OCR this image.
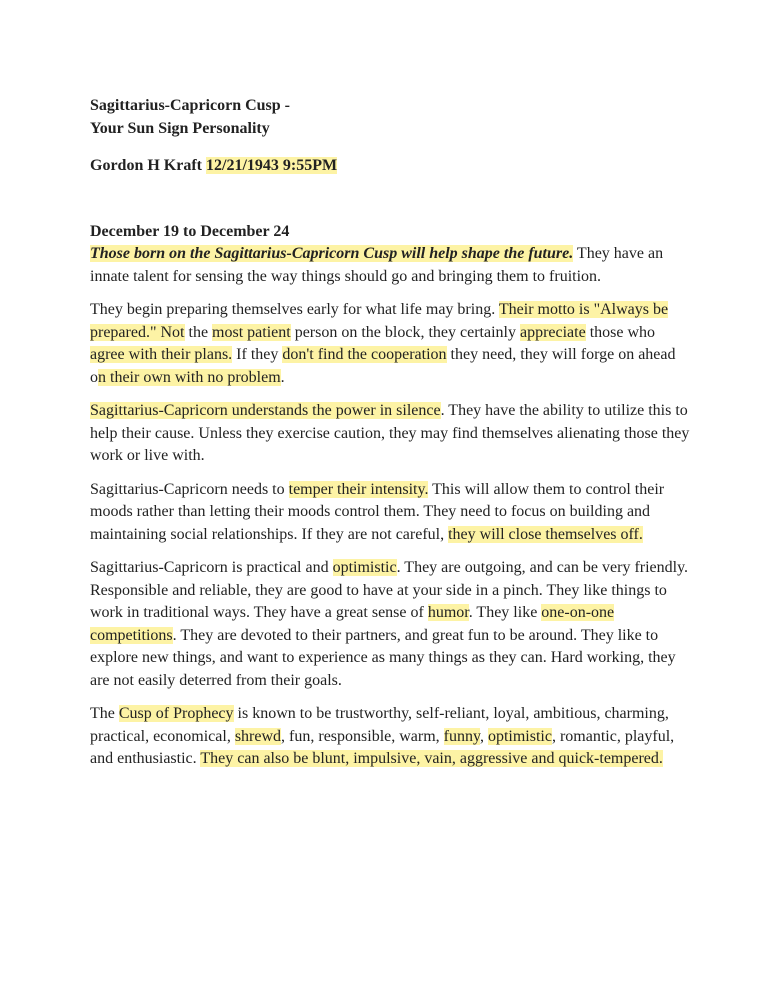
Sagittarius-Capricorn Cusp -
Your Sun Sign Personality
Gordon H Kraft 12/21/1943 9:55PM
December 19 to December 24

Those born on the Sagittarius-Capricorn Cusp will help shape the future. They have an innate talent for sensing the way things should go and bringing them to fruition.

They begin preparing themselves early for what life may bring. Their motto is "Always be prepared." Not the most patient person on the block, they certainly appreciate those who agree with their plans. If they don't find the cooperation they need, they will forge on ahead on their own with no problem.

Sagittarius-Capricorn understands the power in silence. They have the ability to utilize this to help their cause. Unless they exercise caution, they may find themselves alienating those they work or live with.

Sagittarius-Capricorn needs to temper their intensity. This will allow them to control their moods rather than letting their moods control them. They need to focus on building and maintaining social relationships. If they are not careful, they will close themselves off.

Sagittarius-Capricorn is practical and optimistic. They are outgoing, and can be very friendly. Responsible and reliable, they are good to have at your side in a pinch. They like things to work in traditional ways. They have a great sense of humor. They like one-on-one competitions. They are devoted to their partners, and great fun to be around. They like to explore new things, and want to experience as many things as they can. Hard working, they are not easily deterred from their goals.

The Cusp of Prophecy is known to be trustworthy, self-reliant, loyal, ambitious, charming, practical, economical, shrewd, fun, responsible, warm, funny, optimistic, romantic, playful, and enthusiastic. They can also be blunt, impulsive, vain, aggressive and quick-tempered.
